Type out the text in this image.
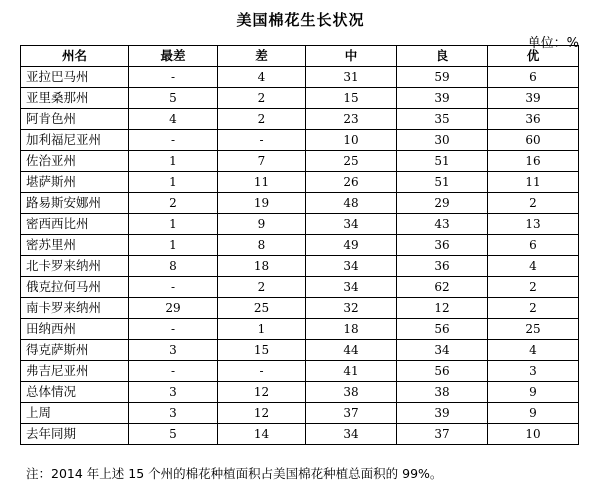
美国棉花生长状况
单位：%
州名	最差	差	中	良	优
亚拉巴马州	-	4	31	59	6
亚里桑那州	5	2	15	39	39
阿肯色州	4	2	23	35	36
加利福尼亚州	-	-	10	30	60
佐治亚州	1	7	25	51	16
堪萨斯州	1	11	26	51	11
路易斯安娜州	2	19	48	29	2
密西西比州	1	9	34	43	13
密苏里州	1	8	49	36	6
北卡罗来纳州	8	18	34	36	4
俄克拉何马州	-	2	34	62	2
南卡罗来纳州	29	25	32	12	2
田纳西州	-	1	18	56	25
得克萨斯州	3	15	44	34	4
弗吉尼亚州	-	-	41	56	3
总体情况	3	12	38	38	9
上周	3	12	37	39	9
去年同期	5	14	34	37	10
注：2014 年上述 15 个州的棉花种植面积占美国棉花种植总面积的 99%。
